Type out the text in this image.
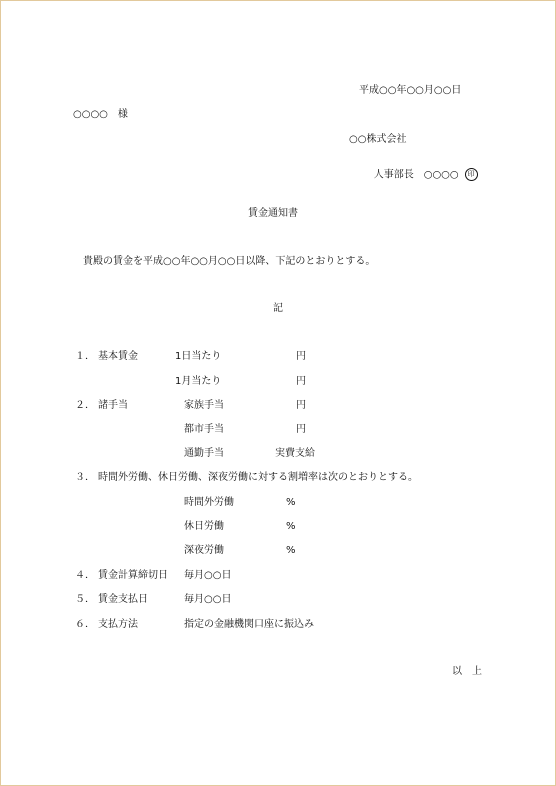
平成○○年○○月○○日
○○○○　様
○○株式会社

人事部長　○○○○ 印

賃金通知書
貴殿の賃金を平成○○年○○月○○日以降、下記のとおりとする。
記
１． 基本賃金	1日当たり	円
1月当たり	円
２． 諸手当	家族手当	円
都市手当	円
通勤手当	実費支給
３． 時間外労働、休日労働、深夜労働に対する割増率は次のとおりとする。
時間外労働	%
休日労働	%
深夜労働	%
４． 賃金計算締切日 毎月○○日
５． 賃金支払日	毎月○○日
６． 支払方法	指定の金融機関口座に振込み
以　上
